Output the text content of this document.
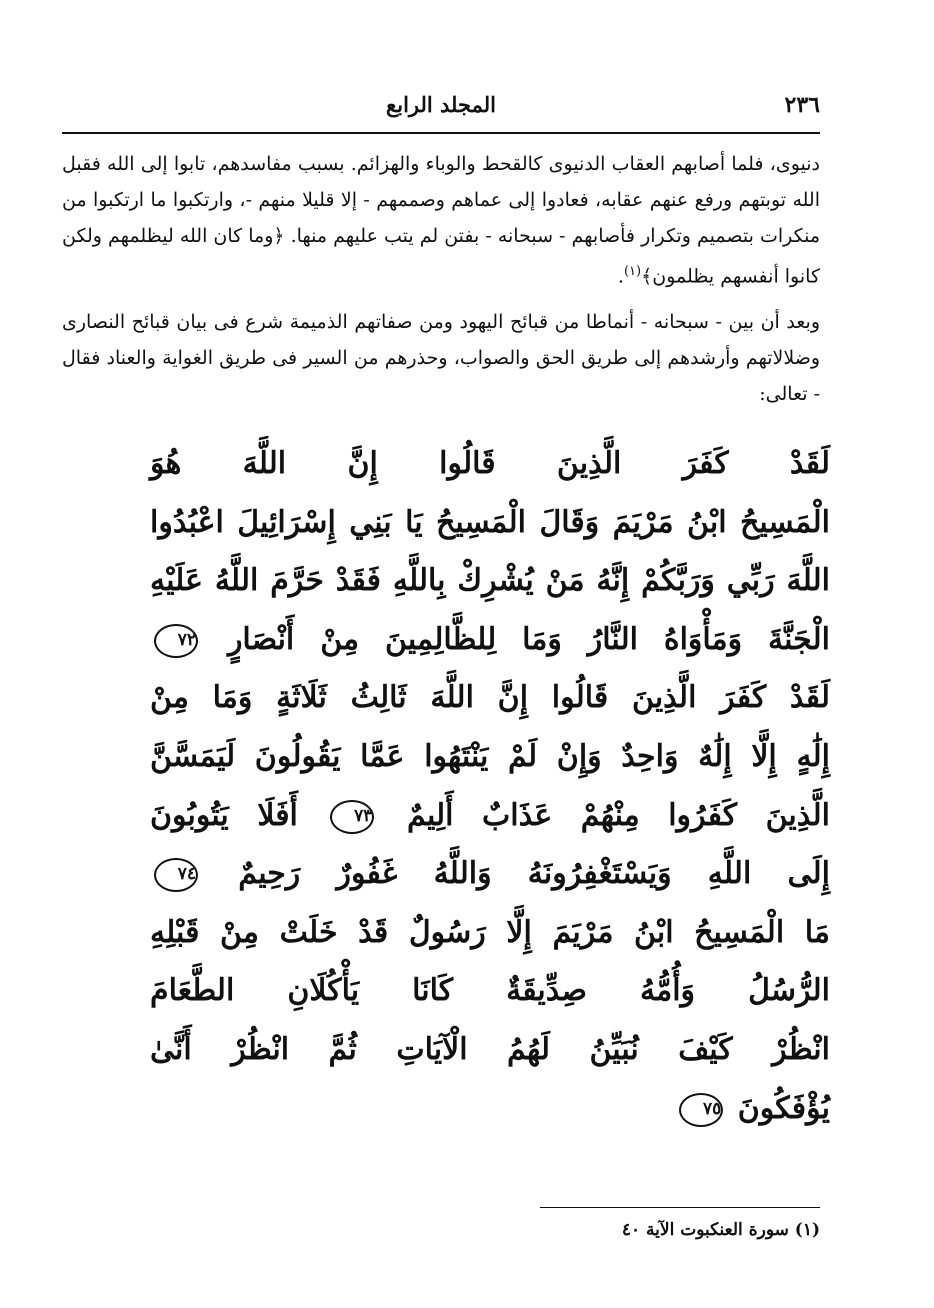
٢٣٦
المجلد الرابع

دنيوى، فلما أصابهم العقاب الدنيوى كالقحط والوباء والهزائم. بسبب مفاسدهم، تابوا إلى الله فقبل الله توبتهم ورفع عنهم عقابه، فعادوا إلى عماهم وصممهم - إلا قليلا منهم -، وارتكبوا ما ارتكبوا من منكرات بتصميم وتكرار فأصابهم - سبحانه - بفتن لم يتب عليهم منها. ﴿وما كان الله ليظلمهم ولكن كانوا أنفسهم يظلمون﴾$^{(١)}$.

وبعد أن بين - سبحانه - أنماطا من قبائح اليهود ومن صفاتهم الذميمة شرع فى بيان قبائح النصارى وضلالاتهم وأرشدهم إلى طريق الحق والصواب، وحذرهم من السير فى طريق الغواية والعناد فقال - تعالى:

لَقَدْ كَفَرَ الَّذِينَ قَالُوا إِنَّ اللَّهَ هُوَ
الْمَسِيحُ ابْنُ مَرْيَمَ وَقَالَ الْمَسِيحُ يَا بَنِي إِسْرَائِيلَ اعْبُدُوا
اللَّهَ رَبِّي وَرَبَّكُمْ إِنَّهُ مَنْ يُشْرِكْ بِاللَّهِ فَقَدْ حَرَّمَ اللَّهُ عَلَيْهِ
الْجَنَّةَ وَمَأْوَاهُ النَّارُ وَمَا لِلظَّالِمِينَ مِنْ أَنْصَارٍ ٧٢
لَقَدْ كَفَرَ الَّذِينَ قَالُوا إِنَّ اللَّهَ ثَالِثُ ثَلَاثَةٍ وَمَا مِنْ
إِلَٰهٍ إِلَّا إِلَٰهٌ وَاحِدٌ وَإِنْ لَمْ يَنْتَهُوا عَمَّا يَقُولُونَ لَيَمَسَّنَّ
الَّذِينَ كَفَرُوا مِنْهُمْ عَذَابٌ أَلِيمٌ ٧٣ أَفَلَا يَتُوبُونَ
إِلَى اللَّهِ وَيَسْتَغْفِرُونَهُ وَاللَّهُ غَفُورٌ رَحِيمٌ ٧٤
مَا الْمَسِيحُ ابْنُ مَرْيَمَ إِلَّا رَسُولٌ قَدْ خَلَتْ مِنْ قَبْلِهِ
الرُّسُلُ وَأُمُّهُ صِدِّيقَةٌ كَانَا يَأْكُلَانِ الطَّعَامَ
انْظُرْ كَيْفَ نُبَيِّنُ لَهُمُ الْآيَاتِ ثُمَّ انْظُرْ أَنَّىٰ
يُؤْفَكُونَ ٧٥
(١) سورة العنكبوت الآية ٤٠
